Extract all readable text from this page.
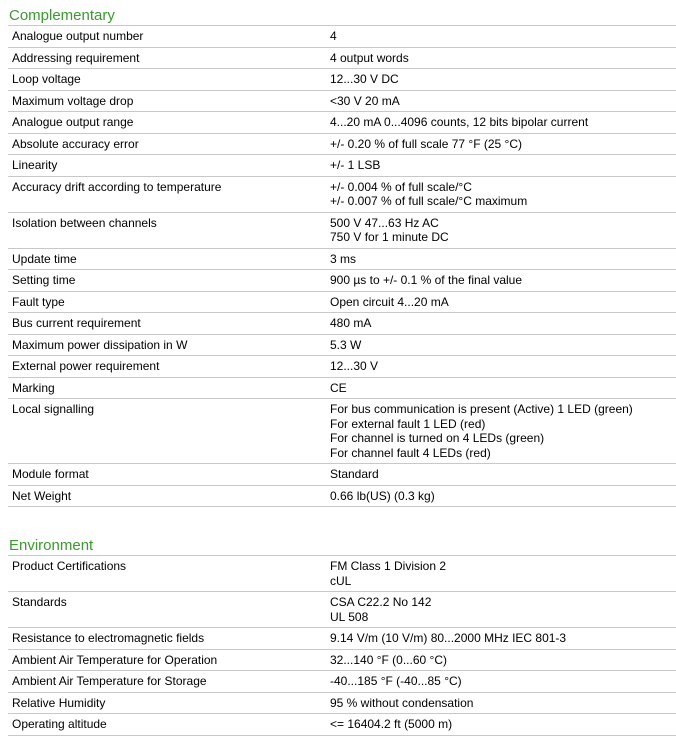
Complementary
Analogue output number	4

Addressing requirement	4 output words

Loop voltage	12...30 V DC

Maximum voltage drop	<30 V 20 mA

Analogue output range	4...20 mA 0...4096 counts, 12 bits bipolar current

Absolute accuracy error	+/- 0.20 % of full scale 77 °F (25 °C)

Linearity	+/- 1 LSB

Accuracy drift according to temperature	+/- 0.004 % of full scale/°C
+/- 0.007 % of full scale/°C maximum

Isolation between channels	500 V 47...63 Hz AC
750 V for 1 minute DC

Update time	3 ms

Setting time	900 µs to +/- 0.1 % of the final value

Fault type	Open circuit 4...20 mA

Bus current requirement	480 mA

Maximum power dissipation in W	5.3 W

External power requirement	12...30 V

Marking	CE

Local signalling	For bus communication is present (Active) 1 LED (green)
For external fault 1 LED (red)
For channel is turned on 4 LEDs (green)
For channel fault 4 LEDs (red)

Module format	Standard

Net Weight	0.66 lb(US) (0.3 kg)
Environment
Product Certifications	FM Class 1 Division 2
cUL

Standards	CSA C22.2 No 142
UL 508

Resistance to electromagnetic fields	9.14 V/m (10 V/m) 80...2000 MHz IEC 801-3

Ambient Air Temperature for Operation	32...140 °F (0...60 °C)

Ambient Air Temperature for Storage	-40...185 °F (-40...85 °C)

Relative Humidity	95 % without condensation

Operating altitude	<= 16404.2 ft (5000 m)
